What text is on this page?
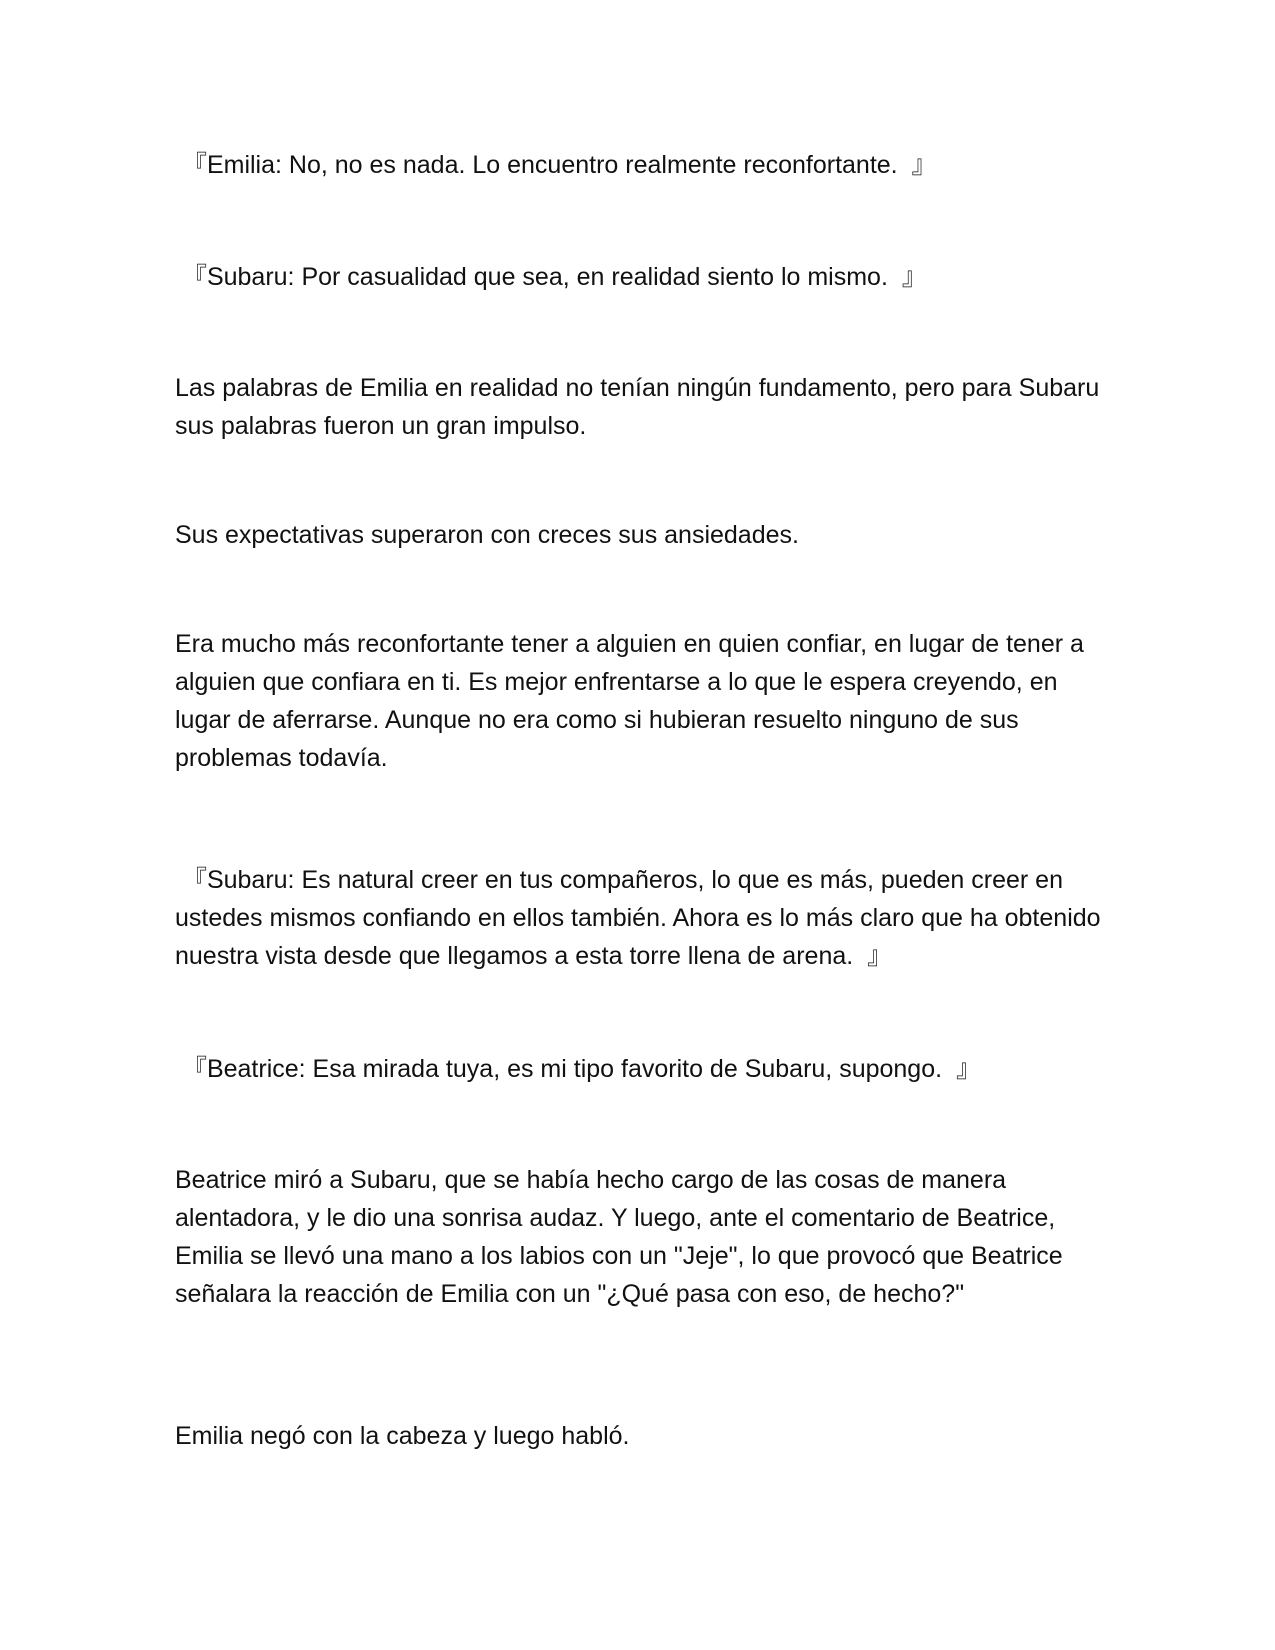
『Emilia: No, no es nada. Lo encuentro realmente reconfortante.  』

『Subaru: Por casualidad que sea, en realidad siento lo mismo.  』

Las palabras de Emilia en realidad no tenían ningún fundamento, pero para Subaru sus palabras fueron un gran impulso.

Sus expectativas superaron con creces sus ansiedades.

Era mucho más reconfortante tener a alguien en quien confiar, en lugar de tener a alguien que confiara en ti. Es mejor enfrentarse a lo que le espera creyendo, en lugar de aferrarse. Aunque no era como si hubieran resuelto ninguno de sus problemas todavía.

『Subaru: Es natural creer en tus compañeros, lo que es más, pueden creer en ustedes mismos confiando en ellos también. Ahora es lo más claro que ha obtenido nuestra vista desde que llegamos a esta torre llena de arena.  』

『Beatrice: Esa mirada tuya, es mi tipo favorito de Subaru, supongo.  』

Beatrice miró a Subaru, que se había hecho cargo de las cosas de manera alentadora, y le dio una sonrisa audaz. Y luego, ante el comentario de Beatrice, Emilia se llevó una mano a los labios con un "Jeje", lo que provocó que Beatrice señalara la reacción de Emilia con un "¿Qué pasa con eso, de hecho?"

Emilia negó con la cabeza y luego habló.
